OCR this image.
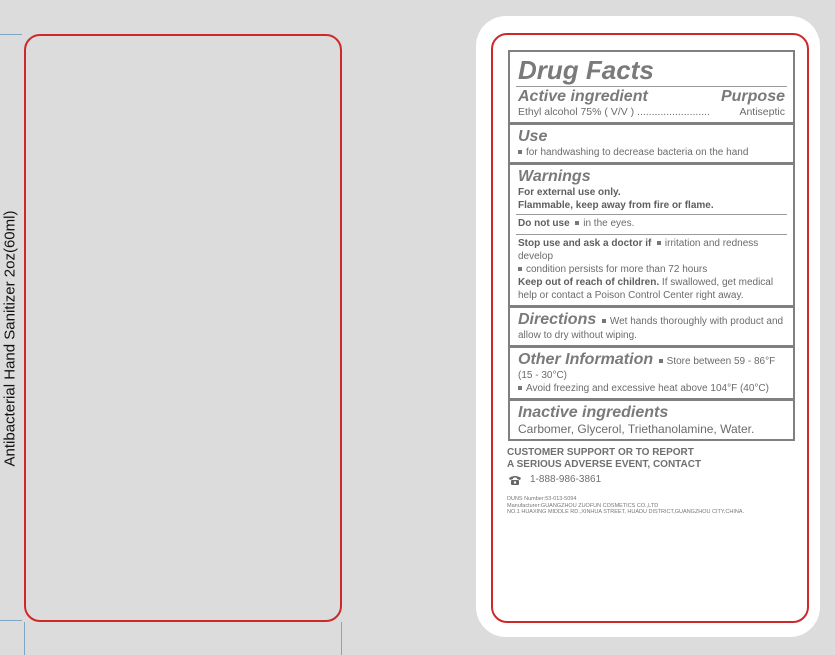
Antibacterial Hand Sanitizer 2oz(60ml)
Drug Facts
Active ingredient	Purpose
Ethyl alcohol 75% ( V/V ) .........................	Antiseptic
Use
for handwashing to decrease bacteria on the hand
Warnings
For external use only.
Flammable, keep away from fire or flame.
Do not use in the eyes.
Stop use and ask a doctor if irritation and redness develop
condition persists for more than 72 hours
Keep out of reach of children. If swallowed, get medical help or contact a Poison Control Center right away.
Directions Wet hands thoroughly with product and allow to dry without wiping.
Other Information Store between 59 - 86°F (15 - 30°C)
Avoid freezing and excessive heat above 104°F (40°C)
Inactive ingredients
Carbomer, Glycerol, Triethanolamine, Water.
CUSTOMER SUPPORT OR TO REPORT
A SERIOUS ADVERSE EVENT, CONTACT
1-888-986-3861
DUNS Number:53-013-5094
Manufacturer:GUANGZHOU ZUOFUN COSMETICS CO.,LTD
NO.1 HUAXING MIDDLE RD.,XINHUA STREET, HUADU DISTRICT,GUANGZHOU CITY,CHINA.
